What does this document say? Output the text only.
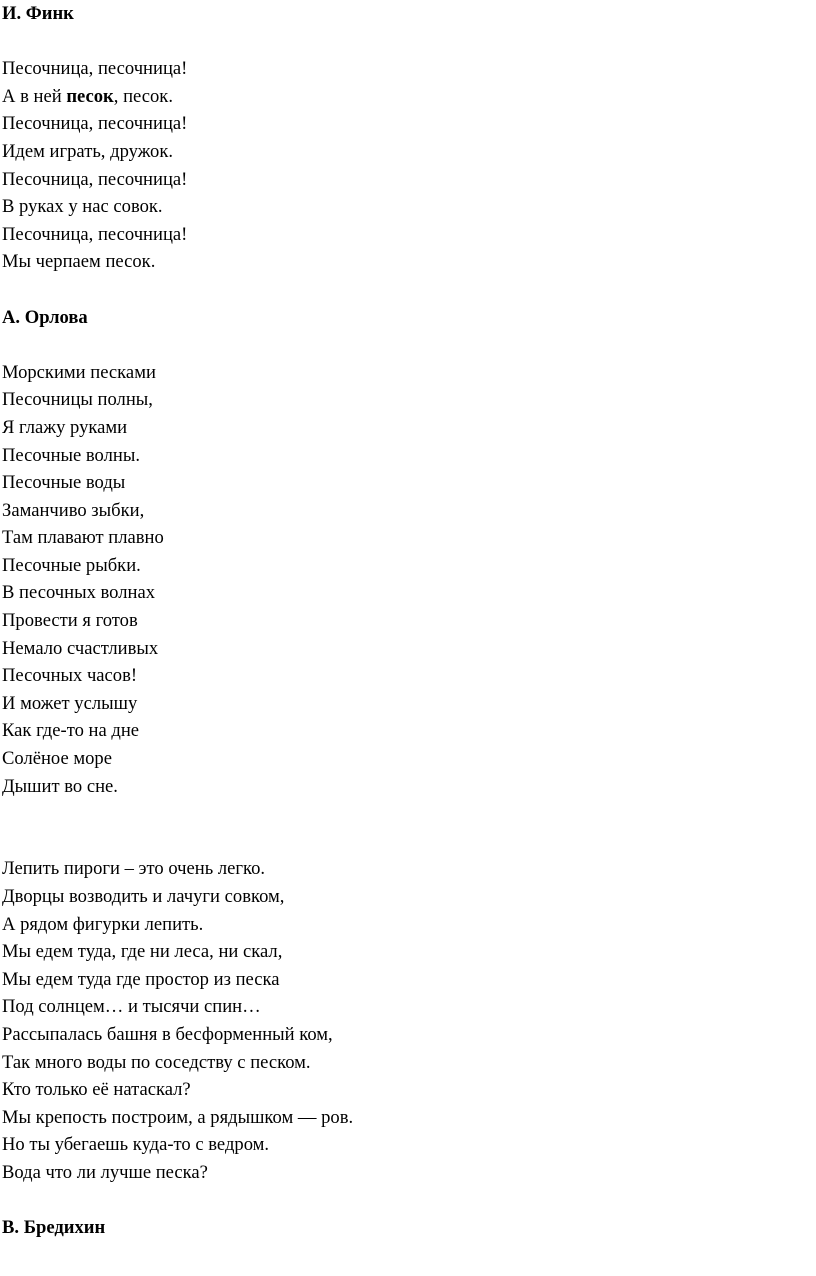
И. Финк
Песочница, песочница!
А в ней песок, песок.
Песочница, песочница!
Идем играть, дружок.
Песочница, песочница!
В руках у нас совок.
Песочница, песочница!
Мы черпаем песок.
А. Орлова
Морскими песками
Песочницы полны,
Я глажу руками
Песочные волны.
Песочные воды
Заманчиво зыбки,
Там плавают плавно
Песочные рыбки.
В песочных волнах
Провести я готов
Немало счастливых
Песочных часов!
И может услышу
Как где-то на дне
Солёное море
Дышит во сне.
Лепить пироги – это очень легко.
Дворцы возводить и лачуги совком,
А рядом фигурки лепить.
Мы едем туда, где ни леса, ни скал,
Мы едем туда где простор из песка
Под солнцем… и тысячи спин…
Рассыпалась башня в бесформенный ком,
Так много воды по соседству с песком.
Кто только её натаскал?
Мы крепость построим, а рядышком — ров.
Но ты убегаешь куда-то с ведром.
Вода что ли лучше песка?
В. Бредихин
